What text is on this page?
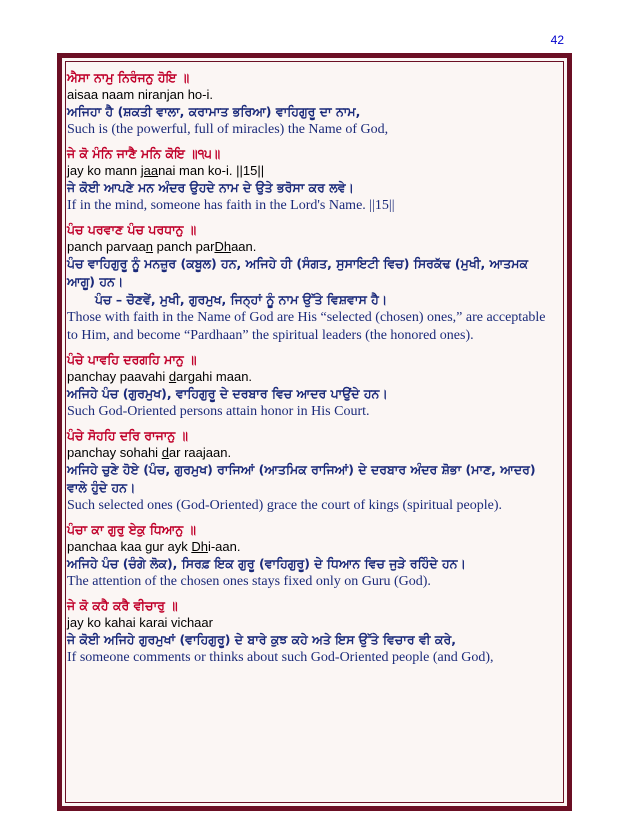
42
ਐਸਾ ਨਾਮੁ ਨਿਰੰਜਨੁ ਹੋਇ ॥
aisaa naam niranjan ho-i.
ਅਜਿਹਾ ਹੈ (ਸ਼ਕਤੀ ਵਾਲਾ, ਕਰਾਮਾਤ ਭਰਿਆ) ਵਾਹਿਗੁਰੂ ਦਾ ਨਾਮ,
Such is (the powerful, full of miracles) the Name of God,
ਜੇ ਕੋ ਮੰਨਿ ਜਾਣੈ ਮਨਿ ਕੋਇ ॥੧੫॥
jay ko mann jaanai man ko-i. ||15||
ਜੇ ਕੋਈ ਆਪਣੇ ਮਨ ਅੰਦਰ ਉਹਦੇ ਨਾਮ ਦੇ ਉਤੇ ਭਰੋਸਾ ਕਰ ਲਵੇ।
If in the mind, someone has faith in the Lord's Name. ||15||
ਪੰਚ ਪਰਵਾਣ ਪੰਚ ਪਰਧਾਨੁ ॥
panch parvaan panch parDhaan.
ਪੰਚ ਵਾਹਿਗੁਰੂ ਨੂੰ ਮਨਜ਼ੂਰ (ਕਬੂਲ) ਹਨ, ਅਜਿਹੇ ਹੀ (ਸੰਗਤ, ਸੁਸਾਇਟੀ ਵਿਚ) ਸਿਰਕੱਢ (ਮੁਖੀ, ਆਤਮਕ ਆਗੂ) ਹਨ।
ਪੰਚ – ਚੋਣਵੇਂ, ਮੁਖੀ, ਗੁਰਮੁਖ, ਜਿਨ੍ਹਾਂ ਨੂੰ ਨਾਮ ਉੱਤੇ ਵਿਸ਼ਵਾਸ ਹੈ।
Those with faith in the Name of God are His “selected (chosen) ones,” are acceptable to Him, and become “Pardhaan” the spiritual leaders (the honored ones).
ਪੰਚੇ ਪਾਵਹਿ ਦਰਗਹਿ ਮਾਨੁ ॥
panchay paavahi dargahi maan.
ਅਜਿਹੇ ਪੰਚ (ਗੁਰਮੁਖ), ਵਾਹਿਗੁਰੂ ਦੇ ਦਰਬਾਰ ਵਿਚ ਆਦਰ ਪਾਉਂਦੇ ਹਨ।
Such God-Oriented persons attain honor in His Court.
ਪੰਚੇ ਸੋਹਹਿ ਦਰਿ ਰਾਜਾਨੁ ॥
panchay sohahi dar raajaan.
ਅਜਿਹੇ ਚੁਣੇ ਹੋਏ (ਪੰਚ, ਗੁਰਮੁਖ) ਰਾਜਿਆਂ (ਆਤਮਿਕ ਰਾਜਿਆਂ) ਦੇ ਦਰਬਾਰ ਅੰਦਰ ਸ਼ੋਭਾ (ਮਾਣ, ਆਦਰ) ਵਾਲੇ ਹੁੰਦੇ ਹਨ।
Such selected ones (God-Oriented) grace the court of kings (spiritual people).
ਪੰਚਾ ਕਾ ਗੁਰੁ ਏਕੁ ਧਿਆਨੁ ॥
panchaa kaa gur ayk Dhi-aan.
ਅਜਿਹੇ ਪੰਚ (ਚੰਗੇ ਲੋਕ), ਸਿਰਫ਼ ਇਕ ਗੁਰੂ (ਵਾਹਿਗੁਰੂ) ਦੇ ਧਿਆਨ ਵਿਚ ਜੁੜੇ ਰਹਿੰਦੇ ਹਨ।
The attention of the chosen ones stays fixed only on Guru (God).
ਜੇ ਕੋ ਕਹੈ ਕਰੈ ਵੀਚਾਰੁ ॥
jay ko kahai karai vichaar
ਜੇ ਕੋਈ ਅਜਿਹੇ ਗੁਰਮੁਖਾਂ (ਵਾਹਿਗੁਰੂ) ਦੇ ਬਾਰੇ ਕੁਝ ਕਹੇ ਅਤੇ ਇਸ ਉੱਤੇ ਵਿਚਾਰ ਵੀ ਕਰੇ,
If someone comments or thinks about such God-Oriented people (and God),
